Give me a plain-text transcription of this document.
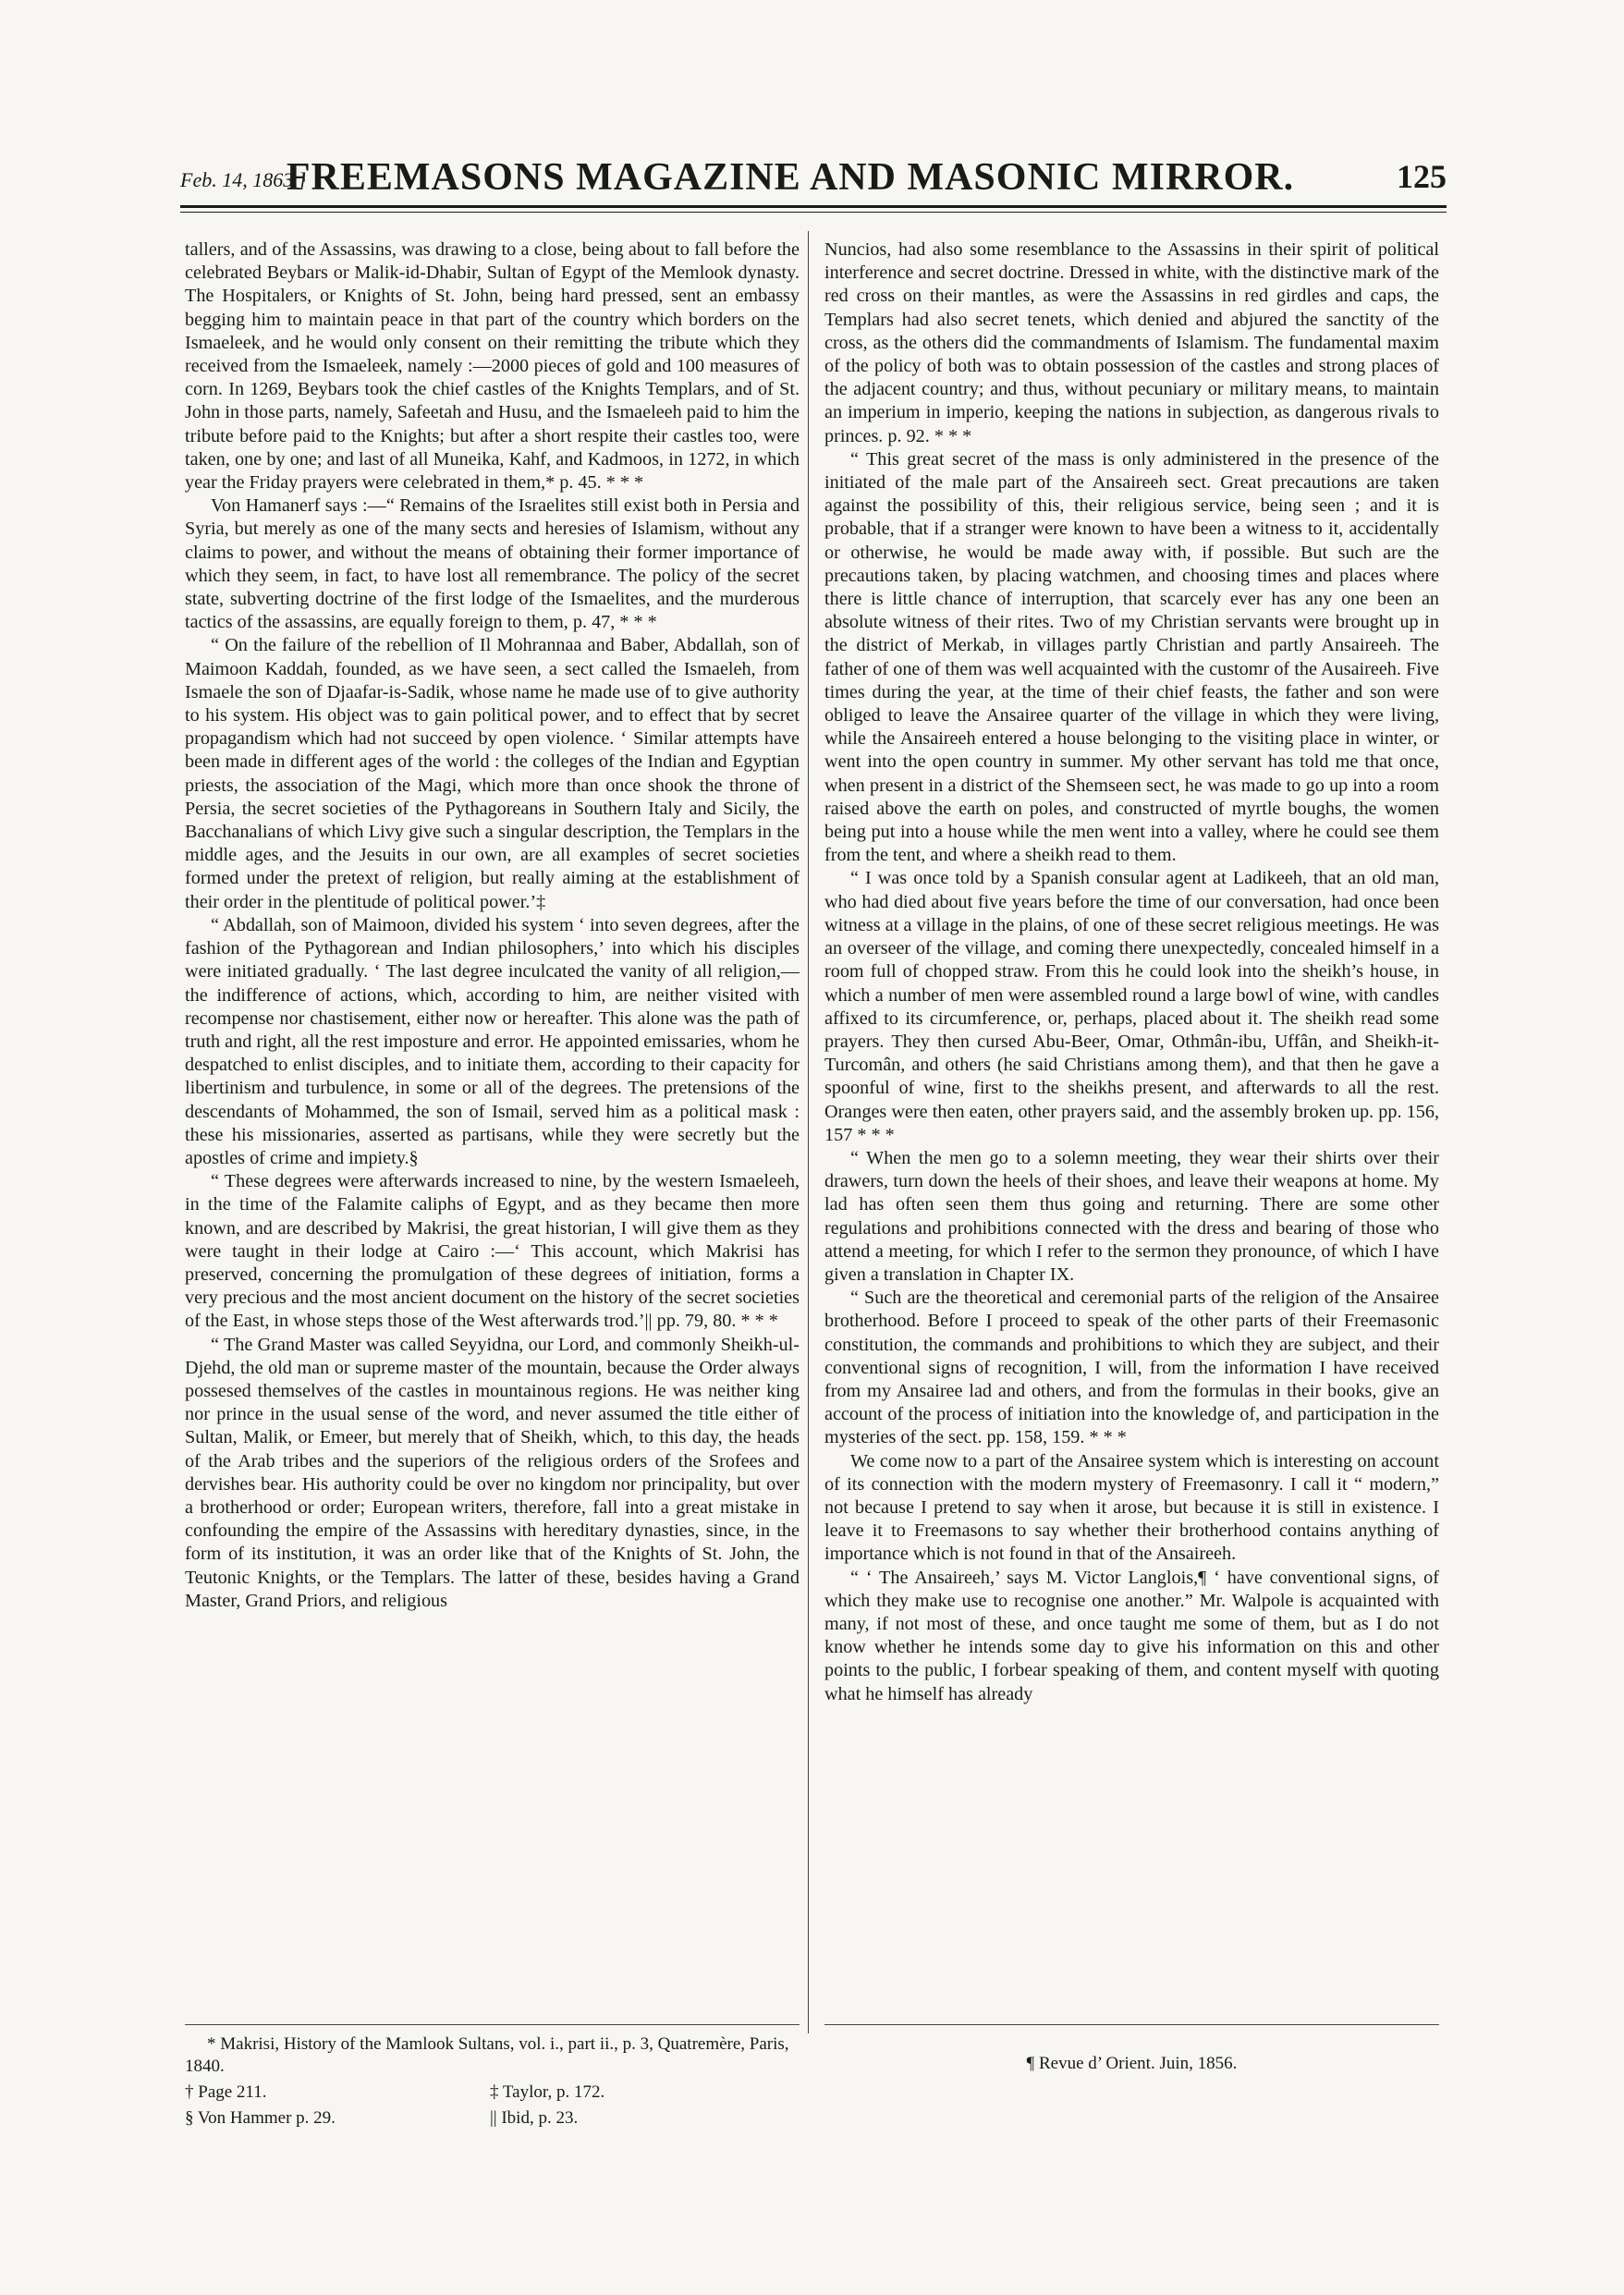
Feb. 14, 1863.]
FREEMASONS MAGAZINE AND MASONIC MIRROR.	125

tallers, and of the Assassins, was drawing to a close, being about to fall before the celebrated Beybars or Malik-id-Dhabir, Sultan of Egypt of the Memlook dynasty. The Hospitalers, or Knights of St. John, being hard pressed, sent an embassy begging him to maintain peace in that part of the country which borders on the Ismaeleek, and he would only consent on their remitting the tribute which they received from the Ismaeleek, namely :—2000 pieces of gold and 100 measures of corn. In 1269, Beybars took the chief castles of the Knights Templars, and of St. John in those parts, namely, Safeetah and Husu, and the Ismaeleeh paid to him the tribute before paid to the Knights; but after a short respite their castles too, were taken, one by one; and last of all Muneika, Kahf, and Kadmoos, in 1272, in which year the Friday prayers were celebrated in them,* p. 45. * * *

Von Hamanerf says :—“ Remains of the Israelites still exist both in Persia and Syria, but merely as one of the many sects and heresies of Islamism, without any claims to power, and without the means of obtaining their former importance of which they seem, in fact, to have lost all remembrance. The policy of the secret state, subverting doctrine of the first lodge of the Ismaelites, and the murderous tactics of the assassins, are equally foreign to them, p. 47, * * *

“ On the failure of the rebellion of Il Mohrannaa and Baber, Abdallah, son of Maimoon Kaddah, founded, as we have seen, a sect called the Ismaeleh, from Ismaele the son of Djaafar-is-Sadik, whose name he made use of to give authority to his system. His object was to gain political power, and to effect that by secret propagandism which had not succeed by open violence. ‘ Similar attempts have been made in different ages of the world : the colleges of the Indian and Egyptian priests, the association of the Magi, which more than once shook the throne of Persia, the secret societies of the Pythagoreans in Southern Italy and Sicily, the Bacchanalians of which Livy give such a singular description, the Templars in the middle ages, and the Jesuits in our own, are all examples of secret societies formed under the pretext of religion, but really aiming at the establishment of their order in the plentitude of political power.’‡

“ Abdallah, son of Maimoon, divided his system ‘ into seven degrees, after the fashion of the Pythagorean and Indian philosophers,’ into which his disciples were initiated gradually. ‘ The last degree inculcated the vanity of all religion,—the indifference of actions, which, according to him, are neither visited with recompense nor chastisement, either now or hereafter. This alone was the path of truth and right, all the rest imposture and error. He appointed emissaries, whom he despatched to enlist disciples, and to initiate them, according to their capacity for libertinism and turbulence, in some or all of the degrees. The pretensions of the descendants of Mohammed, the son of Ismail, served him as a political mask : these his missionaries, asserted as partisans, while they were secretly but the apostles of crime and impiety.§

“ These degrees were afterwards increased to nine, by the western Ismaeleeh, in the time of the Falamite caliphs of Egypt, and as they became then more known, and are described by Makrisi, the great historian, I will give them as they were taught in their lodge at Cairo :—‘ This account, which Makrisi has preserved, concerning the promulgation of these degrees of initiation, forms a very precious and the most ancient document on the history of the secret societies of the East, in whose steps those of the West afterwards trod.’|| pp. 79, 80. * * *

“ The Grand Master was called Seyyidna, our Lord, and commonly Sheikh-ul-Djehd, the old man or supreme master of the mountain, because the Order always possesed themselves of the castles in mountainous regions. He was neither king nor prince in the usual sense of the word, and never assumed the title either of Sultan, Malik, or Emeer, but merely that of Sheikh, which, to this day, the heads of the Arab tribes and the superiors of the religious orders of the Srofees and dervishes bear. His authority could be over no kingdom nor principality, but over a brotherhood or order; European writers, therefore, fall into a great mistake in confounding the empire of the Assassins with hereditary dynasties, since, in the form of its institution, it was an order like that of the Knights of St. John, the Teutonic Knights, or the Templars. The latter of these, besides having a Grand Master, Grand Priors, and religious

Nuncios, had also some resemblance to the Assassins in their spirit of political interference and secret doctrine. Dressed in white, with the distinctive mark of the red cross on their mantles, as were the Assassins in red girdles and caps, the Templars had also secret tenets, which denied and abjured the sanctity of the cross, as the others did the commandments of Islamism. The fundamental maxim of the policy of both was to obtain possession of the castles and strong places of the adjacent country; and thus, without pecuniary or military means, to maintain an imperium in imperio, keeping the nations in subjection, as dangerous rivals to princes. p. 92. * * *

“ This great secret of the mass is only administered in the presence of the initiated of the male part of the Ansaireeh sect. Great precautions are taken against the possibility of this, their religious service, being seen ; and it is probable, that if a stranger were known to have been a witness to it, accidentally or otherwise, he would be made away with, if possible. But such are the precautions taken, by placing watchmen, and choosing times and places where there is little chance of interruption, that scarcely ever has any one been an absolute witness of their rites. Two of my Christian servants were brought up in the district of Merkab, in villages partly Christian and partly Ansaireeh. The father of one of them was well acquainted with the customr of the Ausaireeh. Five times during the year, at the time of their chief feasts, the father and son were obliged to leave the Ansairee quarter of the village in which they were living, while the Ansaireeh entered a house belonging to the visiting place in winter, or went into the open country in summer. My other servant has told me that once, when present in a district of the Shemseen sect, he was made to go up into a room raised above the earth on poles, and constructed of myrtle boughs, the women being put into a house while the men went into a valley, where he could see them from the tent, and where a sheikh read to them.

“ I was once told by a Spanish consular agent at Ladikeeh, that an old man, who had died about five years before the time of our conversation, had once been witness at a village in the plains, of one of these secret religious meetings. He was an overseer of the village, and coming there unexpectedly, concealed himself in a room full of chopped straw. From this he could look into the sheikh’s house, in which a number of men were assembled round a large bowl of wine, with candles affixed to its circumference, or, perhaps, placed about it. The sheikh read some prayers. They then cursed Abu-Beer, Omar, Othmân-ibu, Uffân, and Sheikh-it-Turcomân, and others (he said Christians among them), and that then he gave a spoonful of wine, first to the sheikhs present, and afterwards to all the rest. Oranges were then eaten, other prayers said, and the assembly broken up. pp. 156, 157 * * *

“ When the men go to a solemn meeting, they wear their shirts over their drawers, turn down the heels of their shoes, and leave their weapons at home. My lad has often seen them thus going and returning. There are some other regulations and prohibitions connected with the dress and bearing of those who attend a meeting, for which I refer to the sermon they pronounce, of which I have given a translation in Chapter IX.

“ Such are the theoretical and ceremonial parts of the religion of the Ansairee brotherhood. Before I proceed to speak of the other parts of their Freemasonic constitution, the commands and prohibitions to which they are subject, and their conventional signs of recognition, I will, from the information I have received from my Ansairee lad and others, and from the formulas in their books, give an account of the process of initiation into the knowledge of, and participation in the mysteries of the sect. pp. 158, 159. * * *

We come now to a part of the Ansairee system which is interesting on account of its connection with the modern mystery of Freemasonry. I call it “ modern,” not because I pretend to say when it arose, but because it is still in existence. I leave it to Freemasons to say whether their brotherhood contains anything of importance which is not found in that of the Ansaireeh.

“ ‘ The Ansaireeh,’ says M. Victor Langlois,¶ ‘ have conventional signs, of which they make use to recognise one another.” Mr. Walpole is acquainted with many, if not most of these, and once taught me some of them, but as I do not know whether he intends some day to give his information on this and other points to the public, I forbear speaking of them, and content myself with quoting what he himself has already

* Makrisi, History of the Mamlook Sultans, vol. i., part ii., p. 3, Quatremère, Paris, 1840.

† Page 211.	‡ Taylor, p. 172.
§ Von Hammer p. 29.	|| Ibid, p. 23.

¶ Revue d’ Orient. Juin, 1856.
